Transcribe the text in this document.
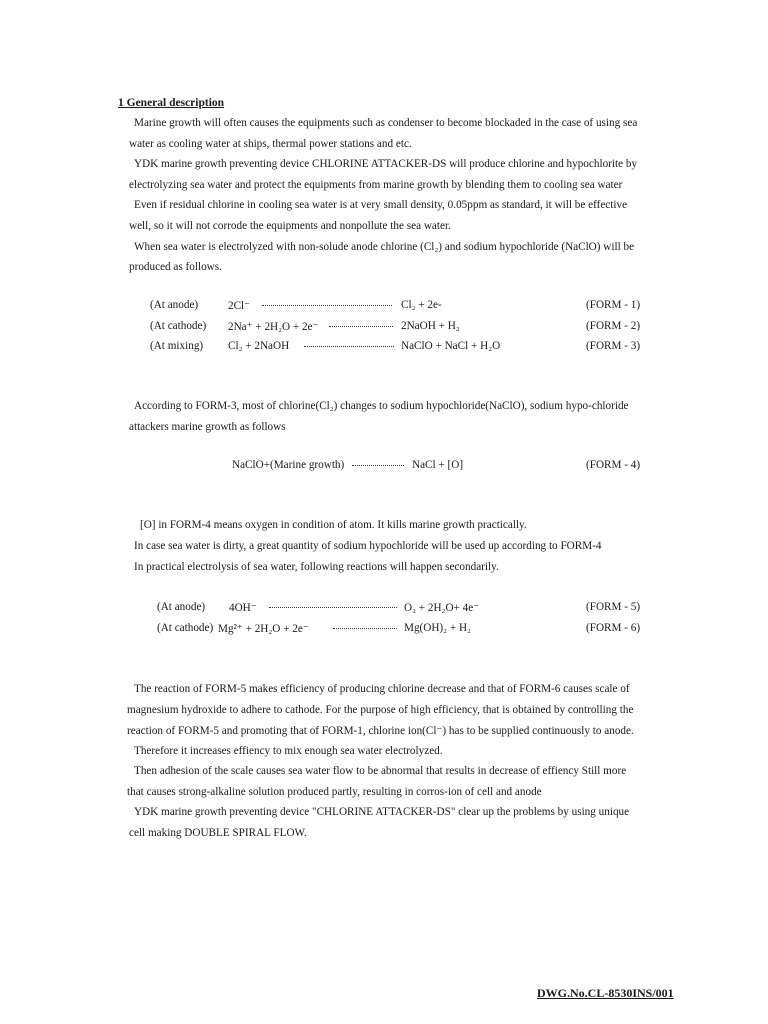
1 General description
Marine growth will often causes the equipments such as condenser to become blockaded in the case of using sea
water as cooling water at ships, thermal power stations and etc.
YDK marine growth preventing device CHLORINE ATTACKER-DS will produce chlorine and hypochlorite by
electrolyzing sea water and protect the equipments from marine growth by blending them to cooling sea water
Even if residual chlorine in cooling sea water is at very small density, 0.05ppm as standard, it will be effective
well, so it will not corrode the equipments and nonpollute the sea water.
When sea water is electrolyzed with non-solude anode chlorine (Cl₂) and sodium hypochloride (NaClO) will be
produced as follows.
(At anode)	2Cl⁻	Cl₂ + 2e-	(FORM - 1)
(At cathode) 2Na⁺ + 2H₂O + 2e⁻	2NaOH + H₂	(FORM - 2)
(At mixing) Cl₂ + 2NaOH	NaClO + NaCl + H₂O	(FORM - 3)
According to FORM-3, most of chlorine(Cl₂) changes to sodium hypochloride(NaClO), sodium hypo-chloride
attackers marine growth as follows
NaClO+(Marine growth)	NaCl + [O]	(FORM - 4)
[O] in FORM-4 means oxygen in condition of atom. It kills marine growth practically.
In case sea water is dirty, a great quantity of sodium hypochloride will be used up according to FORM-4
In practical electrolysis of sea water, following reactions will happen secondarily.
(At anode) 4OH⁻	O₂ + 2H₂O+ 4e⁻	(FORM - 5)
(At cathode) Mg²⁺ + 2H₂O + 2e⁻	Mg(OH)₂ + H₂	(FORM - 6)
The reaction of FORM-5 makes efficiency of producing chlorine decrease and that of FORM-6 causes scale of
magnesium hydroxide to adhere to cathode. For the purpose of high efficiency, that is obtained by controlling the
reaction of FORM-5 and promoting that of FORM-1, chlorine ion(Cl⁻) has to be supplied continuously to anode.
Therefore it increases effiency to mix enough sea water electrolyzed.
Then adhesion of the scale causes sea water flow to be abnormal that results in decrease of effiency Still more
that causes strong-alkaline solution produced partly, resulting in corros-ion of cell and anode
YDK marine growth preventing device "CHLORINE ATTACKER-DS" clear up the problems by using unique
cell making DOUBLE SPIRAL FLOW.
DWG.No.CL-8530INS/001
